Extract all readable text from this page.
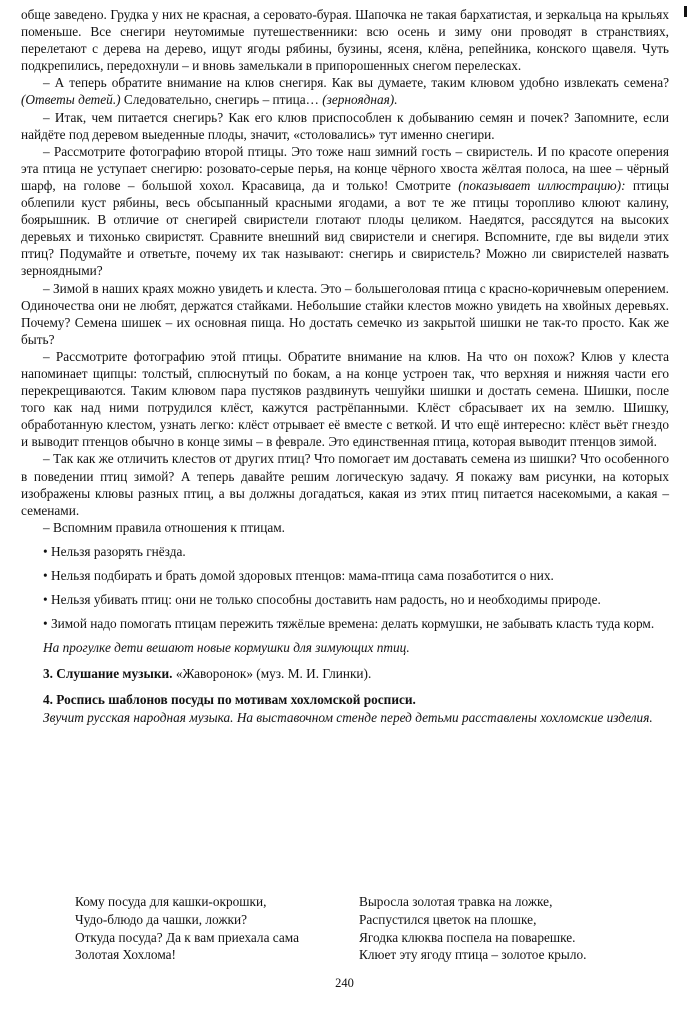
обще заведено. Грудка у них не красная, а серовато-бурая. Шапочка не такая бархатистая, и зеркальца на крыльях поменьше. Все снегири неутомимые путешественники: всю осень и зиму они проводят в странствиях, перелетают с дерева на дерево, ищут ягоды рябины, бузины, ясеня, клёна, репейника, конского щавеля. Чуть подкрепились, передохнули – и вновь замелькали в припорошенных снегом перелесках.

– А теперь обратите внимание на клюв снегиря. Как вы думаете, таким клювом удобно извлекать семена? (Ответы детей.) Следовательно, снегирь – птица… (зерноядная).

– Итак, чем питается снегирь? Как его клюв приспособлен к добыванию семян и почек? Запомните, если найдёте под деревом выеденные плоды, значит, «столовались» тут именно снегири.

– Рассмотрите фотографию второй птицы. Это тоже наш зимний гость – свиристель. И по красоте оперения эта птица не уступает снегирю: розовато-серые перья, на конце чёрного хвоста жёлтая полоса, на шее – чёрный шарф, на голове – большой хохол. Красавица, да и только! Смотрите (показывает иллюстрацию): птицы облепили куст рябины, весь обсыпанный красными ягодами, а вот те же птицы торопливо клюют калину, боярышник. В отличие от снегирей свиристели глотают плоды целиком. Наедятся, рассядутся на высоких деревьях и тихонько свиристят. Сравните внешний вид свиристели и снегиря. Вспомните, где вы видели этих птиц? Подумайте и ответьте, почему их так называют: снегирь и свиристель? Можно ли свиристелей назвать зерноядными?

– Зимой в наших краях можно увидеть и клеста. Это – большеголовая птица с красно-коричневым оперением. Одиночества они не любят, держатся стайками. Небольшие стайки клестов можно увидеть на хвойных деревьях. Почему? Семена шишек – их основная пища. Но достать семечко из закрытой шишки не так-то просто. Как же быть?

– Рассмотрите фотографию этой птицы. Обратите внимание на клюв. На что он похож? Клюв у клеста напоминает щипцы: толстый, сплюснутый по бокам, а на конце устроен так, что верхняя и нижняя части его перекрещиваются. Таким клювом пара пустяков раздвинуть чешуйки шишки и достать семена. Шишки, после того как над ними потрудился клёст, кажутся растрёпанными. Клёст сбрасывает их на землю. Шишку, обработанную клестом, узнать легко: клёст отрывает её вместе с веткой. И что ещё интересно: клёст вьёт гнездо и выводит птенцов обычно в конце зимы – в феврале. Это единственная птица, которая выводит птенцов зимой.

– Так как же отличить клестов от других птиц? Что помогает им доставать семена из шишки? Что особенного в поведении птиц зимой? А теперь давайте решим логическую задачу. Я покажу вам рисунки, на которых изображены клювы разных птиц, а вы должны догадаться, какая из этих птиц питается насекомыми, а какая – семенами.

– Вспомним правила отношения к птицам.

• Нельзя разорять гнёзда.

• Нельзя подбирать и брать домой здоровых птенцов: мама-птица сама позаботится о них.

• Нельзя убивать птиц: они не только способны доставить нам радость, но и необходимы природе.

• Зимой надо помогать птицам пережить тяжёлые времена: делать кормушки, не забывать класть туда корм.

На прогулке дети вешают новые кормушки для зимующих птиц.

3. Слушание музыки. «Жаворонок» (муз. М. И. Глинки).

4. Роспись шаблонов посуды по мотивам хохломской росписи.

Звучит русская народная музыка. На выставочном стенде перед детьми расставлены хохломские изделия.

Кому посуда для кашки-окрошки,
Чудо-блюдо да чашки, ложки?
Откуда посуда? Да к вам приехала сама
Золотая Хохлома!
Выросла золотая травка на ложке,
Распустился цветок на плошке,
Ягодка клюква поспела на поварешке.
Клюет эту ягоду птица – золотое крыло.
240
